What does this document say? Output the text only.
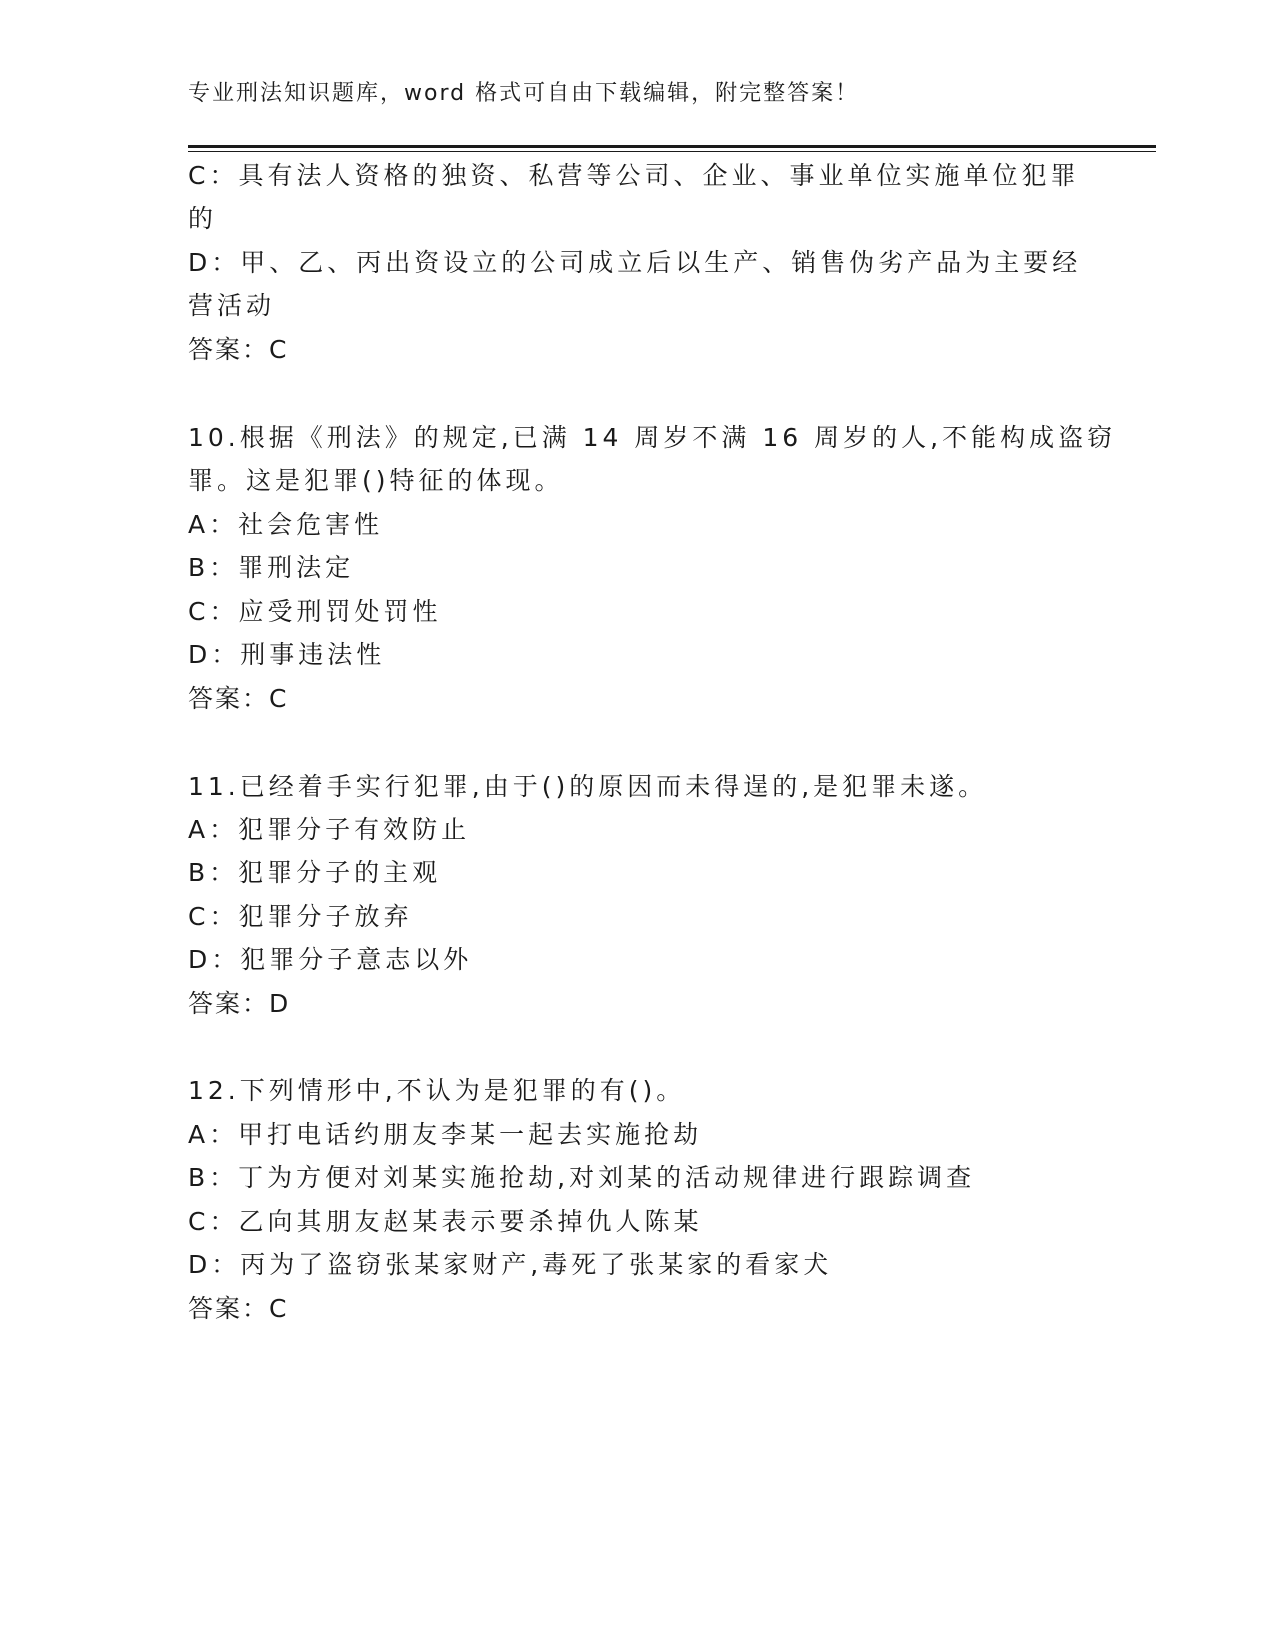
专业刑法知识题库，word 格式可自由下载编辑，附完整答案！
C：具有法人资格的独资、私营等公司、企业、事业单位实施单位犯罪
的
D：甲、乙、丙出资设立的公司成立后以生产、销售伪劣产品为主要经
营活动
答案：C
10.根据《刑法》的规定,已满 14 周岁不满 16 周岁的人,不能构成盗窃
罪。这是犯罪()特征的体现。
A：社会危害性
B：罪刑法定
C：应受刑罚处罚性
D：刑事违法性
答案：C
11.已经着手实行犯罪,由于()的原因而未得逞的,是犯罪未遂。
A：犯罪分子有效防止
B：犯罪分子的主观
C：犯罪分子放弃
D：犯罪分子意志以外
答案：D
12.下列情形中,不认为是犯罪的有()。
A：甲打电话约朋友李某一起去实施抢劫
B：丁为方便对刘某实施抢劫,对刘某的活动规律进行跟踪调查
C：乙向其朋友赵某表示要杀掉仇人陈某
D：丙为了盗窃张某家财产,毒死了张某家的看家犬
答案：C
